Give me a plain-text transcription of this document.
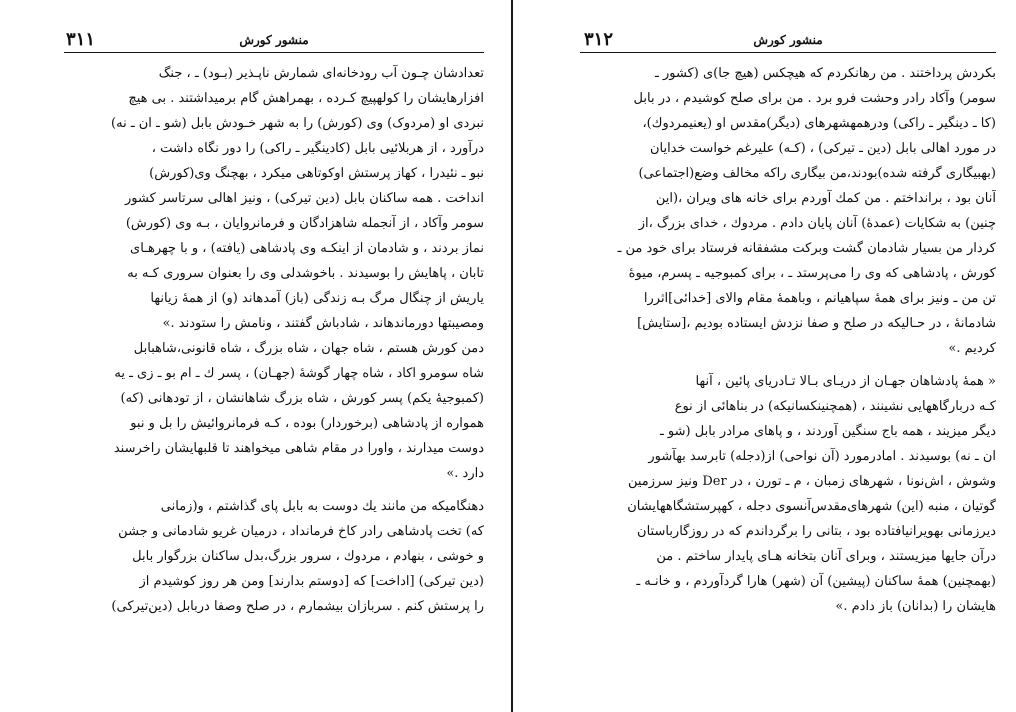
۳۱۱	منشور کورش
تعدادشان چـون آب رودخانه‌ای شمارش ناپـذیر (بـود) ـ ، جنگ
افزارهایشان را کولهپیچ کـرده ، بهمراهش گام برمیداشتند . بی هیچ
نبردی او (مردوک) وی (کورش) را به شهر خـودش بابل (شو ـ ان ـ نه)
درآورد ، از هربلائیی بابل (کادینگیر ـ راکی) را دور نگاه داشت ،
نبو ـ نئیدرا ، کهاز پرستش اوکوتاهی میکرد ، بهچنگ وی(کورش)
انداخت . همه ساکنان بابل (دین تیرکی) ، ونیز اهالی سرتاسر کشور
سومر وآکاد ، از آنجمله شاهزادگان و فرمانروایان ، بـه وی (کورش)
نماز بردند ، و شادمان از اینکـه وی پادشاهی (یافته) ، و با چهرهـای
تابان ، پاهایش را بوسیدند . باخوشدلی وی را بعنوان سروری کـه به
یاریش از چنگال مرگ بـه زندگی (باز) آمدهاند (و) از همهٔ زیانها
ومصیبتها دورماندهاند ، شادباش گفتند ، ونامش را ستودند .»
دمن کورش هستم ، شاه جهان ، شاه بزرگ ، شاه قانونی،شاهبابل
شاه سومرو اکاد ، شاه چهار گوشهٔ (جهـان) ، پسر ك ـ ام بو ـ زی ـ یه
(کمبوجیهٔ یکم) پسر کورش ، شاه بزرگ شاهانشان ، از تودهانی (که)
همواره از پادشاهی (برخوردار) بوده ، کـه فرمانروائیش را بل و نبو
دوست میدارند ، واورا در مقام شاهی میخواهند تا قلبهایشان راخرسند
دارد .»
دهنگامیکه من مانند یك دوست به بابل پای گذاشتم ، و(زمانی
که) تخت پادشاهی رادر کاخ فرمانداد ، درمیان غریو شادمانی و جشن
و خوشی ، بنهادم ، مردوك ، سرور بزرگ،بدل ساکنان بزرگوار بابل
(دین تیرکی) [اداخت] که [دوستم بدارند] ومن هر روز کوشیدم از
را پرستش کنم . سربازان بیشمارم ، در صلح وصفا دربابل (دین‌تیرکی)
۳۱۲	منشور کورش
بکردش پرداختند . من رهانکردم که هیچکس (هیچ جا)ی (کشور ـ
سومر) وآکاد رادر وحشت فرو برد . من برای صلح کوشیدم ، در بابل
(کا ـ دینگیر ـ راکی) ودرهمهشهرهای (دیگر)مقدس او (یعنیمردوك)،
در مورد اهالی بابل (دین ـ تیرکی) ، (کـه) علیرغم خواست خدایان
(بهبیگاری گرفته شده)بودند،من بیگاری راکه مخالف وضع(اجتماعی)
آنان بود ، برانداختم . من کمك آوردم برای خانه های ویران ،(این
چنین) به شکایات (عمدهٔ) آنان پایان دادم . مردوك ، خدای بزرگ ،از
کردار من بسیار شادمان گشت وبرکت مشفقانه فرستاد برای خود من ـ
کورش ، پادشاهی که وی را می‌پرستد ـ ، برای کمبوجیه ـ پسرم، میوهٔ
تن من ـ ونیز برای همهٔ سپاهیانم ، وباهمهٔ مقام والای [خدائی]اثررا
شادمانهٔ ، در حـالیکه در صلح و صفا نزدش ایستاده بودیم ،[ستایش]
کردیم .»
« همهٔ پادشاهان جهـان از دریـای بـالا تـادریای پائین ، آنها
کـه دربارگاههایی نشینند ، (همچنینکسانیکه) در بناهائی از نوع
دیگر میزیند ، همه باج سنگین آوردند ، و پاهای مرادر بابل (شو ـ
ان ـ نه) بوسیدند . امادرمورد (آن نواحی) از(دجله) تابرسد بهآشور
وشوش ، اش‌نونا ، شهرهای زمبان ، م ـ تورن ، در Der ونیز سرزمین
گوتیان ، منبه (این) شهرهای‌مقدس‌آنسوی دجله ، کهپرستشگاههایشان
دیرزمانی بهویرانیافتاده بود ، بتانی را برگرداندم که در روزگارباستان
درآن جایها میزیستند ، وبرای آنان بتخانه هـای پایدار ساختم . من
(بهمچنین) همهٔ ساکنان (پیشین) آن (شهر) هارا گردآوردم ، و خانـه ـ
هایشان را (بدانان) باز دادم .»
